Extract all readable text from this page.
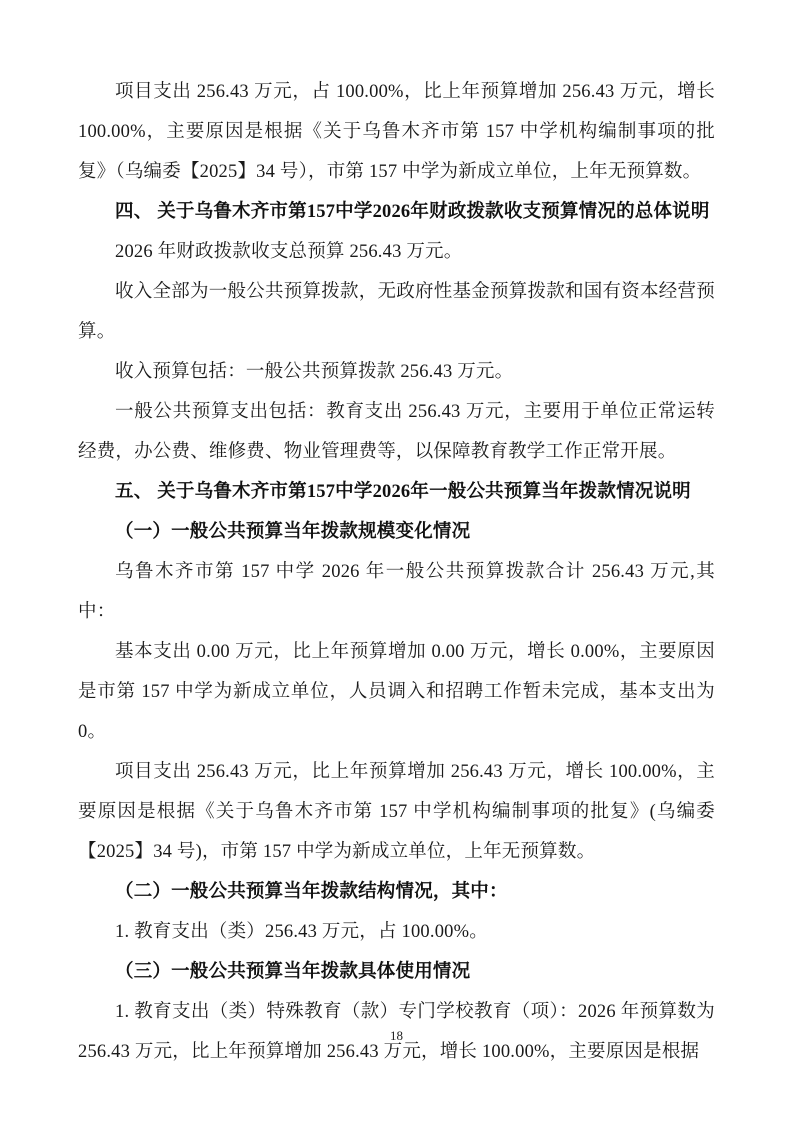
项目支出 256.43 万元，占 100.00%，比上年预算增加 256.43 万元，增长 100.00%，主要原因是根据《关于乌鲁木齐市第 157 中学机构编制事项的批复》（乌编委【2025】34 号），市第 157 中学为新成立单位，上年无预算数。

四、 关于乌鲁木齐市第157中学2026年财政拨款收支预算情况的总体说明

2026 年财政拨款收支总预算 256.43 万元。

收入全部为一般公共预算拨款，无政府性基金预算拨款和国有资本经营预算。

收入预算包括：一般公共预算拨款 256.43 万元。

一般公共预算支出包括：教育支出 256.43 万元，主要用于单位正常运转经费，办公费、维修费、物业管理费等，以保障教育教学工作正常开展。

五、 关于乌鲁木齐市第157中学2026年一般公共预算当年拨款情况说明

（一）一般公共预算当年拨款规模变化情况

乌鲁木齐市第 157 中学 2026 年一般公共预算拨款合计 256.43 万元,其中：

基本支出 0.00 万元，比上年预算增加 0.00 万元，增长 0.00%，主要原因是市第 157 中学为新成立单位，人员调入和招聘工作暂未完成，基本支出为 0。

项目支出 256.43 万元，比上年预算增加 256.43 万元，增长 100.00%，主要原因是根据《关于乌鲁木齐市第 157 中学机构编制事项的批复》(乌编委【2025】34 号)，市第 157 中学为新成立单位，上年无预算数。

（二）一般公共预算当年拨款结构情况，其中：

1. 教育支出（类）256.43 万元，占 100.00%。

（三）一般公共预算当年拨款具体使用情况

1. 教育支出（类）特殊教育（款）专门学校教育（项）：2026 年预算数为 256.43 万元，比上年预算增加 256.43 万元，增长 100.00%，主要原因是根据

18
